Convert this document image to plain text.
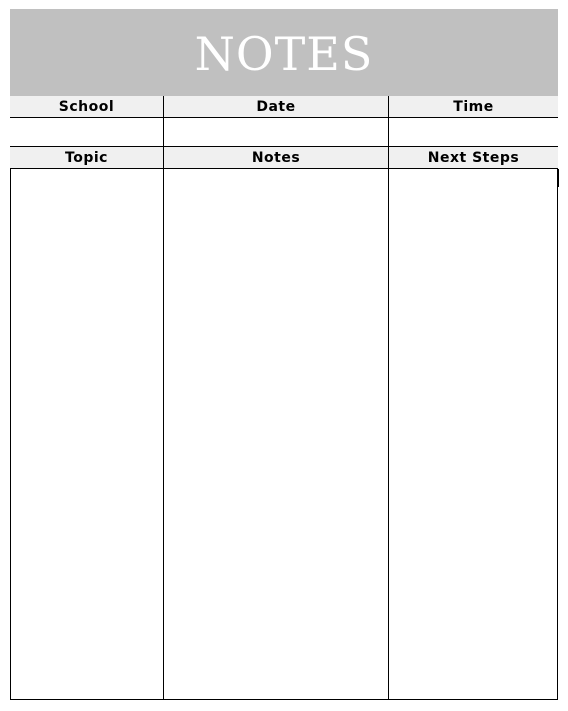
NOTES
School	Date	Time
Topic	Notes	Next Steps
